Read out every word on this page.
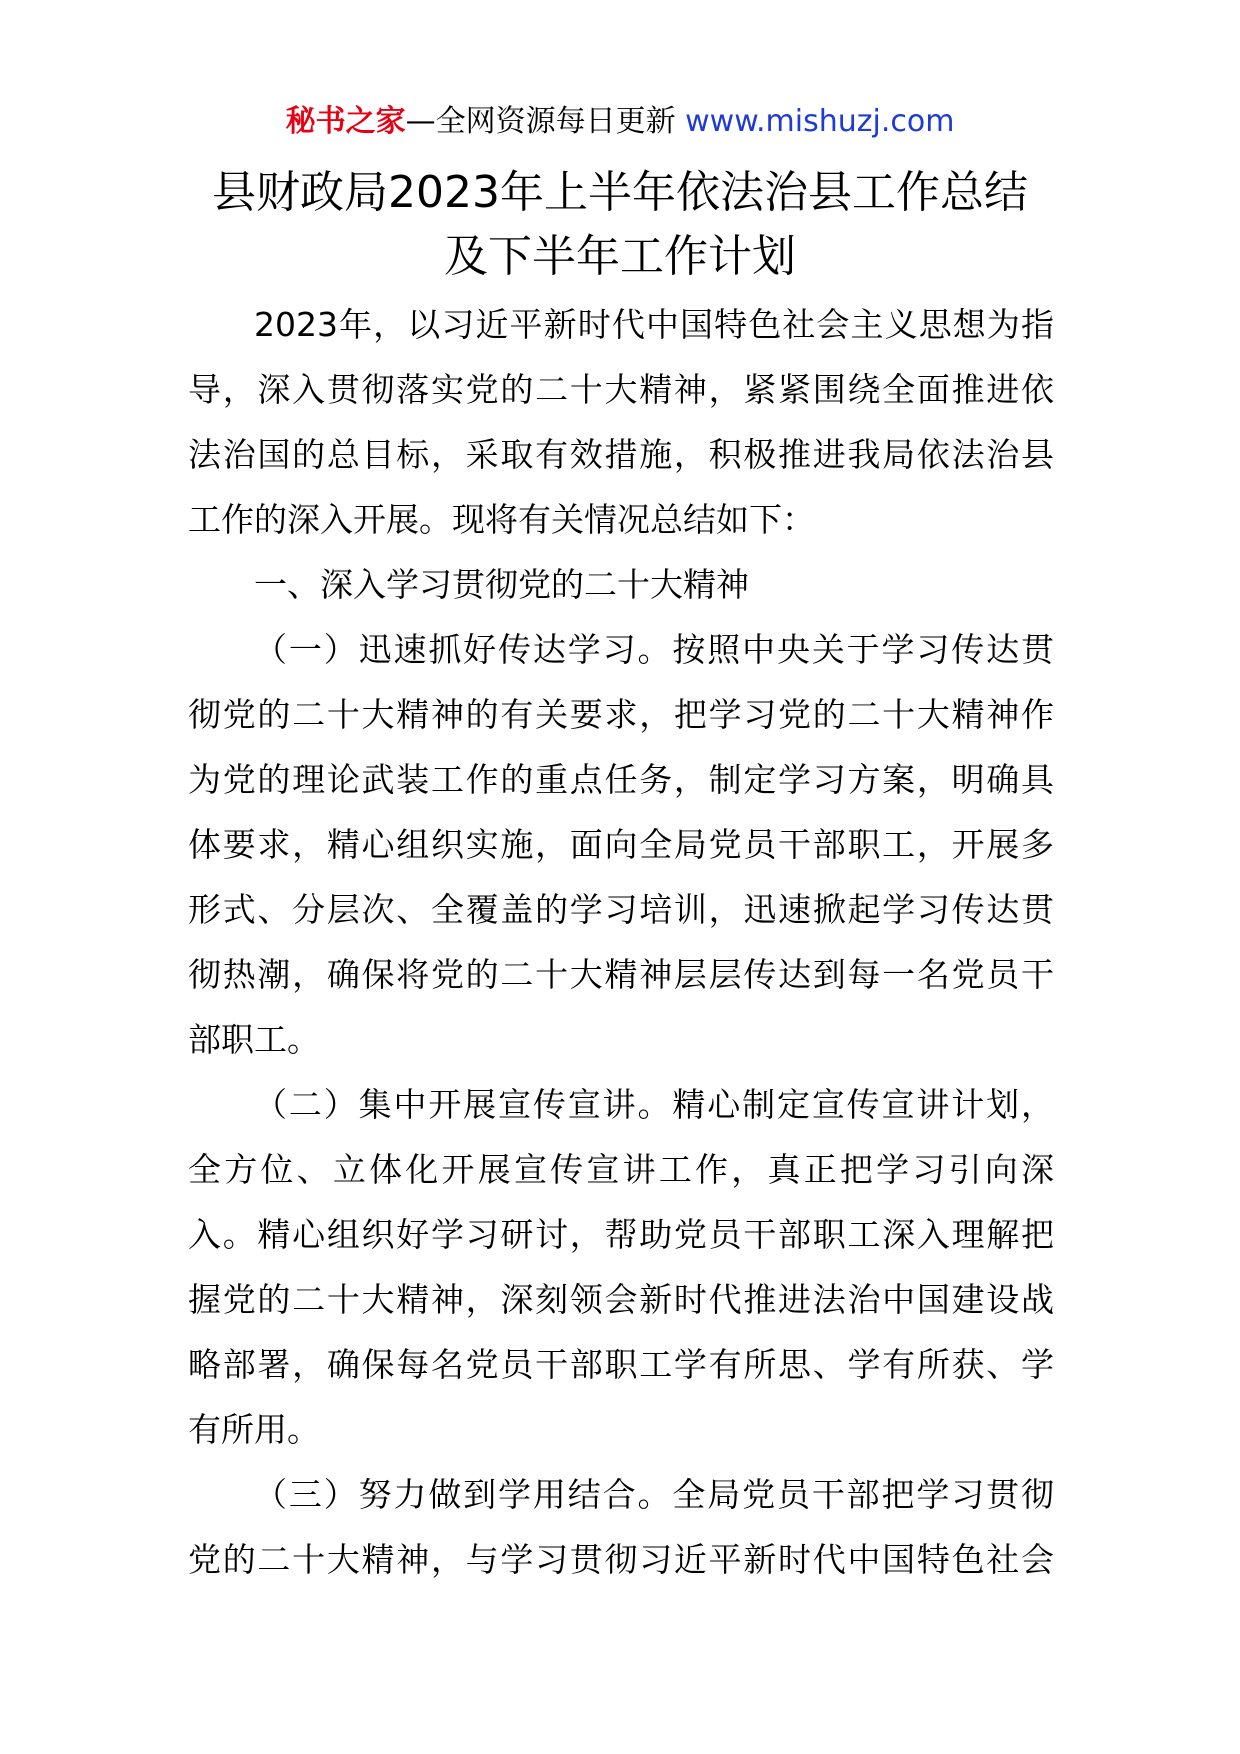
秘书之家—全网资源每日更新 www.mishuzj.com
县财政局2023年上半年依法治县工作总结
及下半年工作计划
2023年，以习近平新时代中国特色社会主义思想为指
导，深入贯彻落实党的二十大精神，紧紧围绕全面推进依
法治国的总目标，采取有效措施，积极推进我局依法治县
工作的深入开展。现将有关情况总结如下：
一、深入学习贯彻党的二十大精神
（一）迅速抓好传达学习。按照中央关于学习传达贯
彻党的二十大精神的有关要求，把学习党的二十大精神作
为党的理论武装工作的重点任务，制定学习方案，明确具
体要求，精心组织实施，面向全局党员干部职工，开展多
形式、分层次、全覆盖的学习培训，迅速掀起学习传达贯
彻热潮，确保将党的二十大精神层层传达到每一名党员干
部职工。
（二）集中开展宣传宣讲。精心制定宣传宣讲计划，
全方位、立体化开展宣传宣讲工作，真正把学习引向深
入。精心组织好学习研讨，帮助党员干部职工深入理解把
握党的二十大精神，深刻领会新时代推进法治中国建设战
略部署，确保每名党员干部职工学有所思、学有所获、学
有所用。
（三）努力做到学用结合。全局党员干部把学习贯彻
党的二十大精神，与学习贯彻习近平新时代中国特色社会
